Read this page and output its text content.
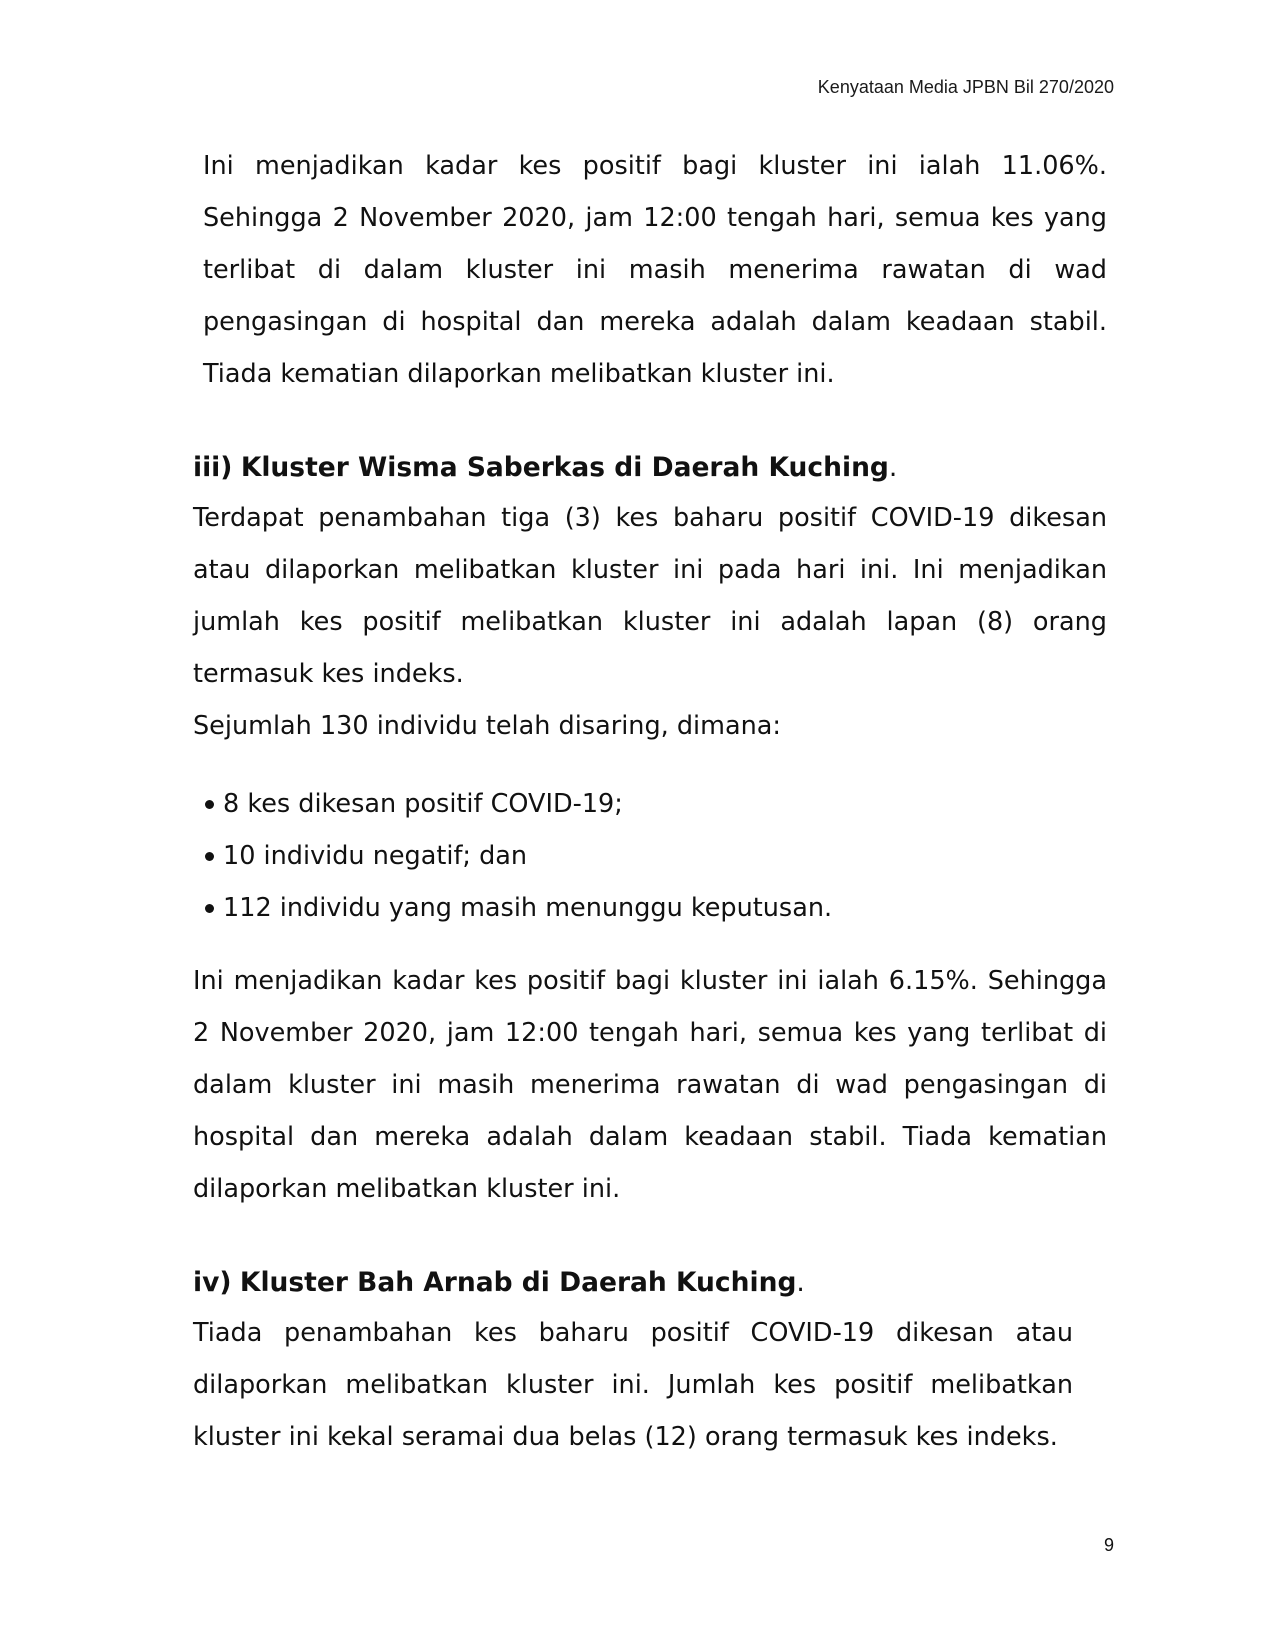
Kenyataan Media JPBN Bil 270/2020

Ini menjadikan kadar kes positif bagi kluster ini ialah 11.06%. Sehingga 2 November 2020, jam 12:00 tengah hari, semua kes yang terlibat di dalam kluster ini masih menerima rawatan di wad pengasingan di hospital dan mereka adalah dalam keadaan stabil. Tiada kematian dilaporkan melibatkan kluster ini.

iii) Kluster Wisma Saberkas di Daerah Kuching.

Terdapat penambahan tiga (3) kes baharu positif COVID-19 dikesan atau dilaporkan melibatkan kluster ini pada hari ini. Ini menjadikan jumlah kes positif melibatkan kluster ini adalah lapan (8) orang termasuk kes indeks.

Sejumlah 130 individu telah disaring, dimana:

8 kes dikesan positif COVID-19;
10 individu negatif; dan
112 individu yang masih menunggu keputusan.

Ini menjadikan kadar kes positif bagi kluster ini ialah 6.15%. Sehingga 2 November 2020, jam 12:00 tengah hari, semua kes yang terlibat di dalam kluster ini masih menerima rawatan di wad pengasingan di hospital dan mereka adalah dalam keadaan stabil. Tiada kematian dilaporkan melibatkan kluster ini.

iv) Kluster Bah Arnab di Daerah Kuching.

Tiada penambahan kes baharu positif COVID-19 dikesan atau dilaporkan melibatkan kluster ini. Jumlah kes positif melibatkan kluster ini kekal seramai dua belas (12) orang termasuk kes indeks.

9
